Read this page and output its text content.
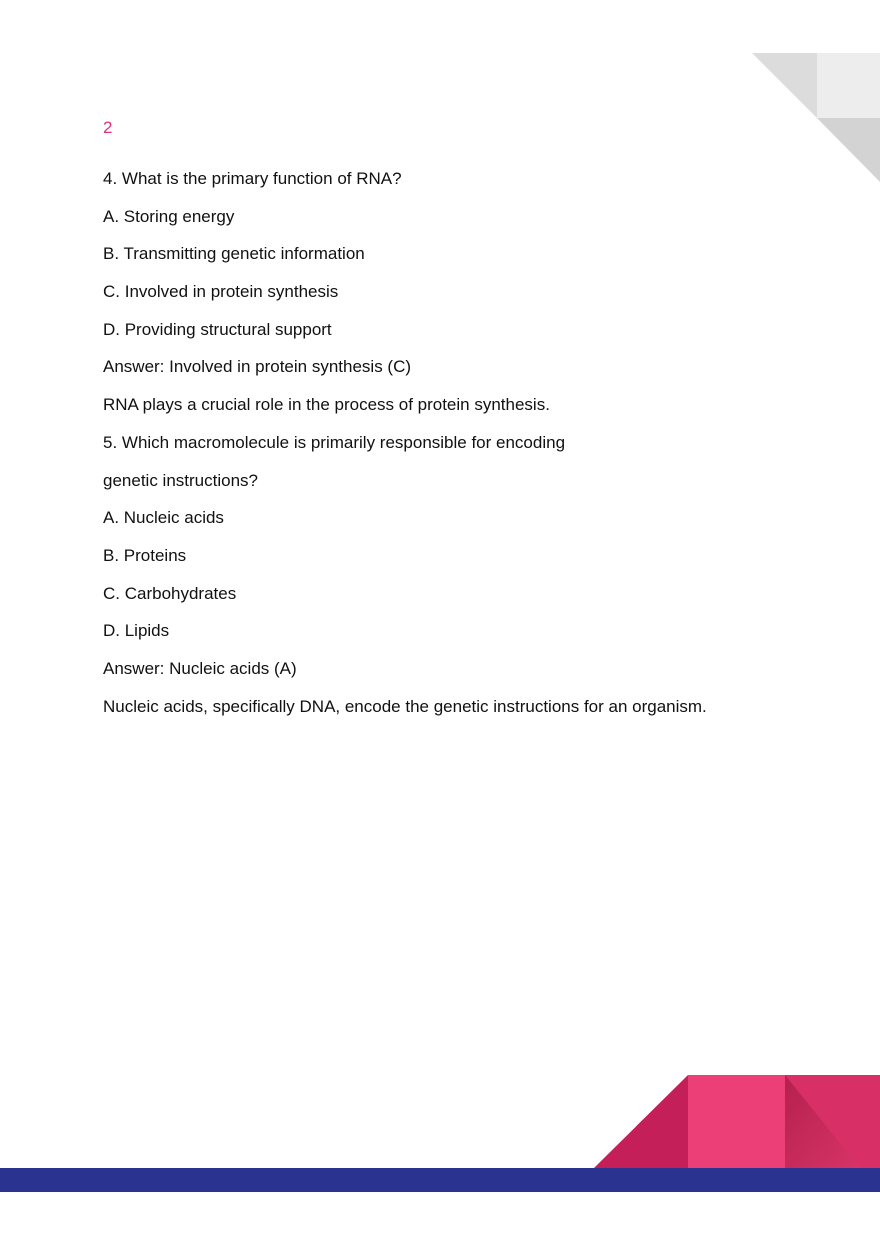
2
4. What is the primary function of RNA?
A. Storing energy
B. Transmitting genetic information
C. Involved in protein synthesis
D. Providing structural support
Answer: Involved in protein synthesis (C)
RNA plays a crucial role in the process of protein synthesis.
5. Which macromolecule is primarily responsible for encoding
genetic instructions?
A. Nucleic acids
B. Proteins
C. Carbohydrates
D. Lipids
Answer: Nucleic acids (A)
Nucleic acids, specifically DNA, encode the genetic instructions for an organism.
